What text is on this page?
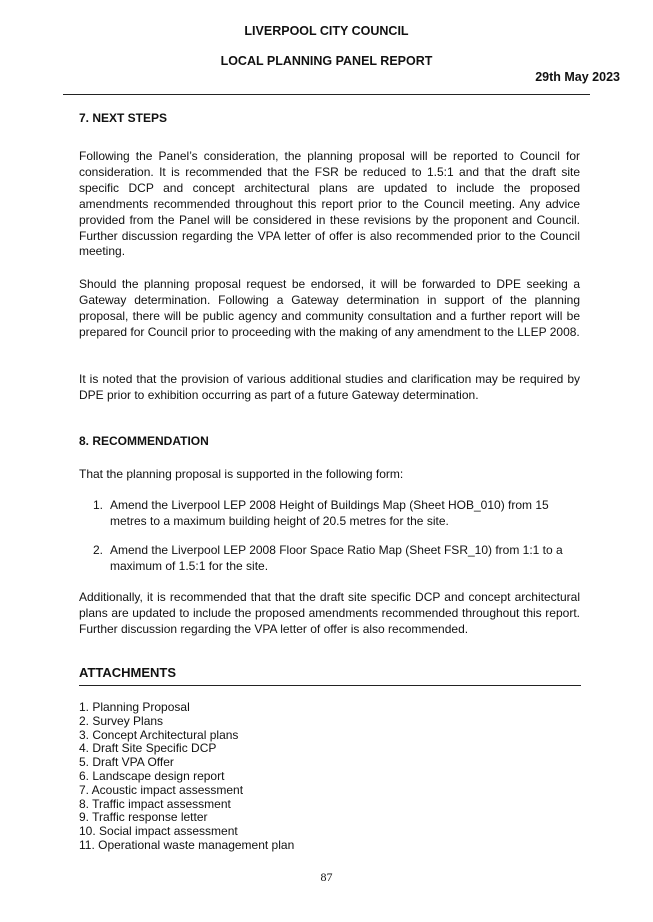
LIVERPOOL CITY COUNCIL
LOCAL PLANNING PANEL REPORT
29th May 2023
7. NEXT STEPS
Following the Panel’s consideration, the planning proposal will be reported to Council for consideration. It is recommended that the FSR be reduced to 1.5:1 and that the draft site specific DCP and concept architectural plans are updated to include the proposed amendments recommended throughout this report prior to the Council meeting. Any advice provided from the Panel will be considered in these revisions by the proponent and Council. Further discussion regarding the VPA letter of offer is also recommended prior to the Council meeting.
Should the planning proposal request be endorsed, it will be forwarded to DPE seeking a Gateway determination. Following a Gateway determination in support of the planning proposal, there will be public agency and community consultation and a further report will be prepared for Council prior to proceeding with the making of any amendment to the LLEP 2008.
It is noted that the provision of various additional studies and clarification may be required by DPE prior to exhibition occurring as part of a future Gateway determination.
8. RECOMMENDATION
That the planning proposal is supported in the following form:
1. Amend the Liverpool LEP 2008 Height of Buildings Map (Sheet HOB_010) from 15 metres to a maximum building height of 20.5 metres for the site.
2. Amend the Liverpool LEP 2008 Floor Space Ratio Map (Sheet FSR_10) from 1:1 to a maximum of 1.5:1 for the site.
Additionally, it is recommended that that the draft site specific DCP and concept architectural plans are updated to include the proposed amendments recommended throughout this report. Further discussion regarding the VPA letter of offer is also recommended.
ATTACHMENTS
1. Planning Proposal
2. Survey Plans
3. Concept Architectural plans
4. Draft Site Specific DCP
5. Draft VPA Offer
6. Landscape design report
7. Acoustic impact assessment
8. Traffic impact assessment
9. Traffic response letter
10. Social impact assessment
11. Operational waste management plan
87
